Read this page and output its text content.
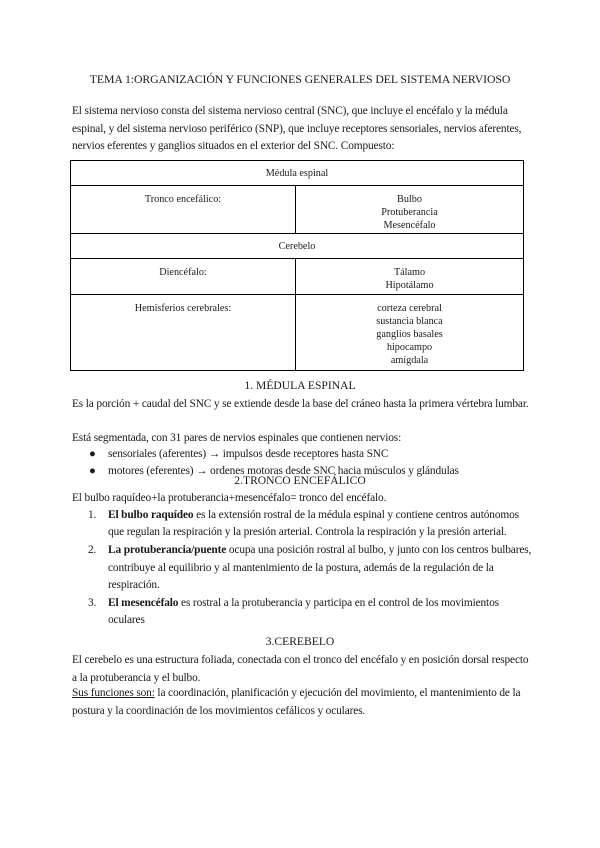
TEMA 1:ORGANIZACIÓN Y FUNCIONES GENERALES DEL SISTEMA NERVIOSO
El sistema nervioso consta del sistema nervioso central (SNC), que incluye el encéfalo y la médula espinal, y del sistema nervioso periférico (SNP), que incluye receptores sensoriales, nervios aferentes, nervios eferentes y ganglios situados en el exterior del SNC. Compuesto:
Médula espinal	

Tronco encefálico:	Bulbo
Protuberancia
Mesencéfalo

Cerebelo	

Diencéfalo:	Tálamo
Hipotálamo

Hemisferios cerebrales:	corteza cerebral
sustancia blanca
ganglios basales
hipocampo
amígdala
1. MÉDULA ESPINAL
Es la porción + caudal del SNC y se extiende desde la base del cráneo hasta la primera vértebra lumbar.
Está segmentada, con 31 pares de nervios espinales que contienen nervios:
● sensoriales (aferentes) → impulsos desde receptores hasta SNC
● motores (eferentes) → ordenes motoras desde SNC hacia músculos y glándulas
2.TRONCO ENCEFÁLICO
El bulbo raquídeo+la protuberancia+mesencéfalo= tronco del encéfalo.
1. El bulbo raquídeo es la extensión rostral de la médula espinal y contiene centros autónomos que regulan la respiración y la presión arterial. Controla la respiración y la presión arterial.
2. La protuberancia/puente ocupa una posición rostral al bulbo, y junto con los centros bulbares, contribuye al equilibrio y al mantenimiento de la postura, además de la regulación de la respiración.
3. El mesencéfalo es rostral a la protuberancia y participa en el control de los movimientos oculares
3.CEREBELO
El cerebelo es una estructura foliada, conectada con el tronco del encéfalo y en posición dorsal respecto a la protuberancia y el bulbo.
Sus funciones son: la coordinación, planificación y ejecución del movimiento, el mantenimiento de la postura y la coordinación de los movimientos cefálicos y oculares.
